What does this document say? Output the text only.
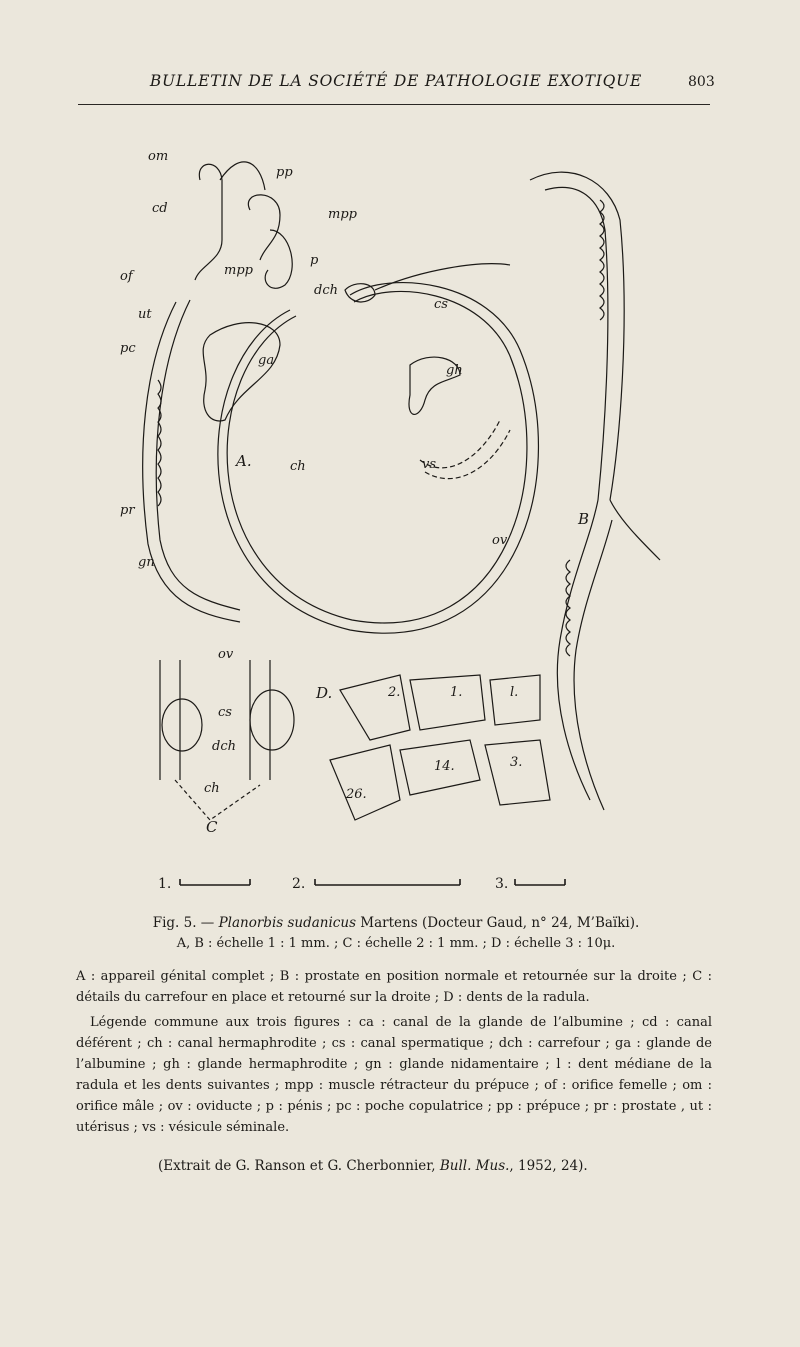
BULLETIN DE LA SOCIÉTÉ DE PATHOLOGIE EXOTIQUE	803
om
pp
cd	mpp
of	mpp
p
dch
ut
cs
pc
ga
gh
A.	ch	vs
pr
ov
gn
B
ov
cs
dch
ch
C
D.	2.	1.	l.
26.
14.	3.
1.	2.	3.
Fig. 5. — Planorbis sudanicus Martens (Docteur Gaud, n° 24, M’Baïki).
A, B : échelle 1 : 1 mm. ; C : échelle 2 : 1 mm. ; D : échelle 3 : 10μ.

A : appareil génital complet ; B : prostate en position normale et retournée sur la droite ; C : détails du carrefour en place et retourné sur la droite ; D : dents de la radula.

Légende commune aux trois figures : ca : canal de la glande de l’albumine ; cd : canal déférent ; ch : canal hermaphrodite ; cs : canal spermatique ; dch : carrefour ; ga : glande de l’albumine ; gh : glande hermaphrodite ; gn : glande nidamentaire ; l : dent médiane de la radula et les dents suivantes ; mpp : muscle rétracteur du prépuce ; of : orifice femelle ; om : orifice mâle ; ov : oviducte ; p : pénis ; pc : poche copulatrice ; pp : prépuce ; pr : prostate , ut : utérisus ; vs : vésicule séminale.

(Extrait de G. Ranson et G. Cherbonnier, Bull. Mus., 1952, 24).
